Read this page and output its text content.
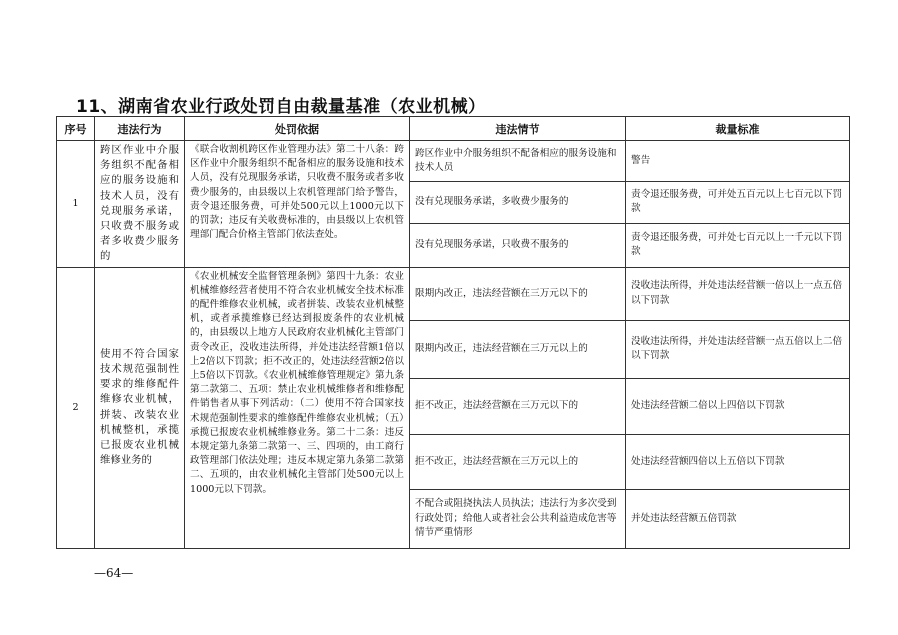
11、湖南省农业行政处罚自由裁量基准（农业机械）
序号	违法行为	处罚依据	违法情节	裁量标准
1	跨区作业中介服务组织不配备相应的服务设施和技术人员，没有兑现服务承诺，只收费不服务或者多收费少服务的	《联合收割机跨区作业管理办法》第二十八条：跨区作业中介服务组织不配备相应的服务设施和技术人员，没有兑现服务承诺，只收费不服务或者多收费少服务的，由县级以上农机管理部门给予警告，责令退还服务费，可并处500元以上1000元以下的罚款；违反有关收费标准的，由县级以上农机管理部门配合价格主管部门依法查处。	跨区作业中介服务组织不配备相应的服务设施和技术人员	警告
			没有兑现服务承诺，多收费少服务的	责令退还服务费，可并处五百元以上七百元以下罚款
			没有兑现服务承诺，只收费不服务的	责令退还服务费，可并处七百元以上一千元以下罚款
2	使用不符合国家技术规范强制性要求的维修配件维修农业机械，拼装、改装农业机械整机，承揽已报废农业机械维修业务的	《农业机械安全监督管理条例》第四十九条：农业机械维修经营者使用不符合农业机械安全技术标准的配件维修农业机械，或者拼装、改装农业机械整机，或者承揽维修已经达到报废条件的农业机械的，由县级以上地方人民政府农业机械化主管部门责令改正，没收违法所得，并处违法经营额1倍以上2倍以下罚款；拒不改正的，处违法经营额2倍以上5倍以下罚款。《农业机械维修管理规定》第九条第二款第二、五项：禁止农业机械维修者和维修配件销售者从事下列活动：（二）使用不符合国家技术规范强制性要求的维修配件维修农业机械；（五）承揽已报废农业机械维修业务。第二十二条：违反本规定第九条第二款第一、三、四项的，由工商行政管理部门依法处理；违反本规定第九条第二款第二、五项的，由农业机械化主管部门处500元以上1000元以下罚款。	限期内改正，违法经营额在三万元以下的	没收违法所得，并处违法经营额一倍以上一点五倍以下罚款
			限期内改正，违法经营额在三万元以上的	没收违法所得，并处违法经营额一点五倍以上二倍以下罚款
			拒不改正，违法经营额在三万元以下的	处违法经营额二倍以上四倍以下罚款
			拒不改正，违法经营额在三万元以上的	处违法经营额四倍以上五倍以下罚款
			不配合或阻挠执法人员执法；违法行为多次受到行政处罚；给他人或者社会公共利益造成危害等情节严重情形	并处违法经营额五倍罚款
—64—
